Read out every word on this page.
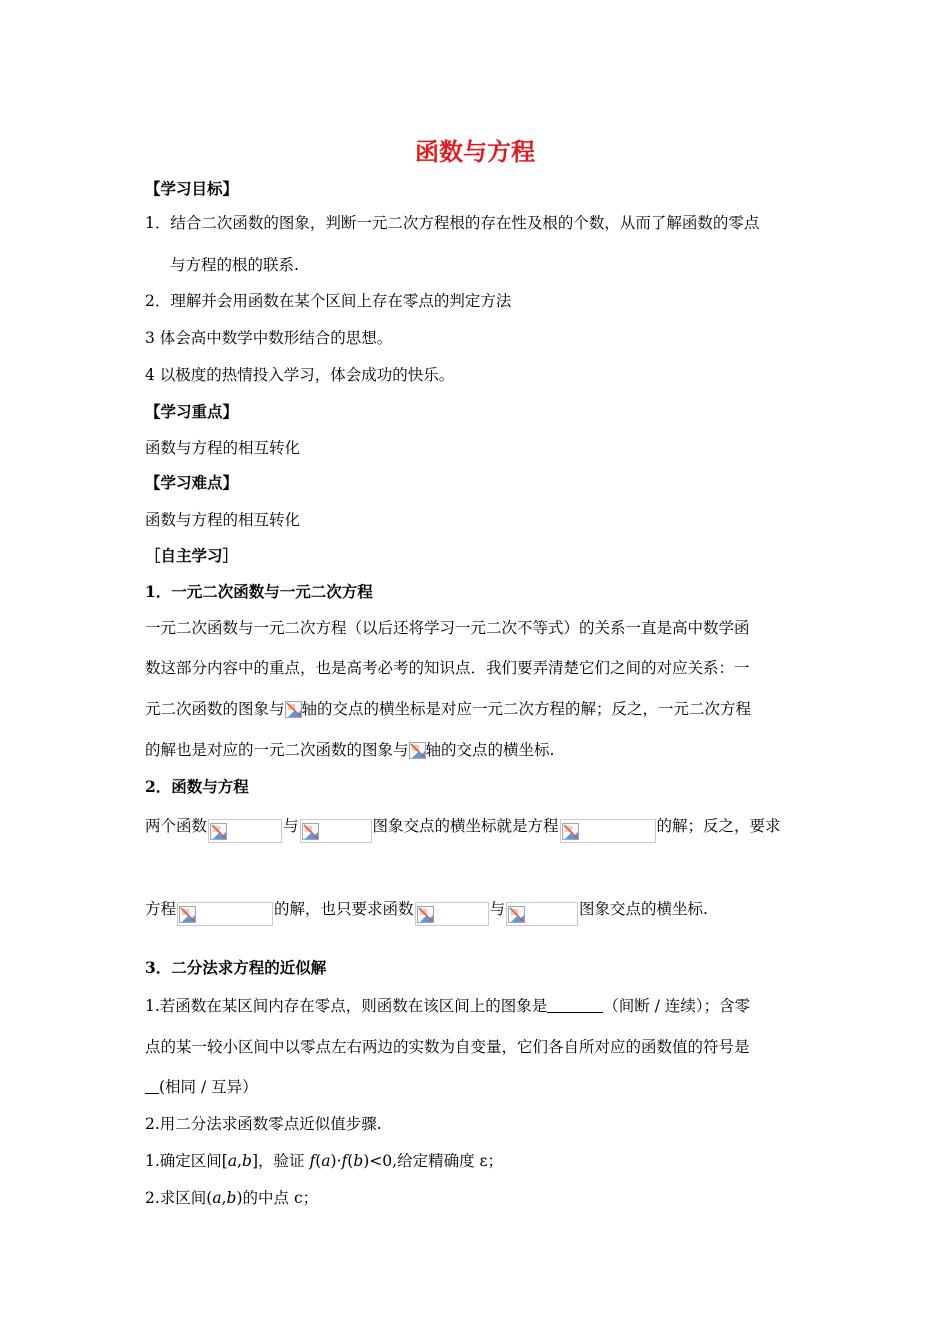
函数与方程
【学习目标】
1．结合二次函数的图象，判断一元二次方程根的存在性及根的个数，从而了解函数的零点
与方程的根的联系.
2．理解并会用函数在某个区间上存在零点的判定方法
3 体会高中数学中数形结合的思想。
4 以极度的热情投入学习，体会成功的快乐。
【学习重点】
函数与方程的相互转化
【学习难点】
函数与方程的相互转化
［自主学习］
1．一元二次函数与一元二次方程
一元二次函数与一元二次方程（以后还将学习一元二次不等式）的关系一直是高中数学函
数这部分内容中的重点，也是高考必考的知识点．我们要弄清楚它们之间的对应关系：一
元二次函数的图象与 轴的交点的横坐标是对应一元二次方程的解；反之，一元二次方程
的解也是对应的一元二次函数的图象与 轴的交点的横坐标.
2．函数与方程
两个函数	与	图象交点的横坐标就是方程	的解；反之，要求
方程	的解，也只要求函数	与	图象交点的横坐标.
3．二分法求方程的近似解
1.若函数在某区间内存在零点，则函数在该区间上的图象是	（间断 / 连续）；含零
点的某一较小区间中以零点左右两边的实数为自变量，它们各自所对应的函数值的符号是
(相同 / 互异）
2.用二分法求函数零点近似值步骤.
1.确定区间[a,b]，验证 f(a)·f(b)<0,给定精确度 ε；
2.求区间(a,b)的中点 c；
